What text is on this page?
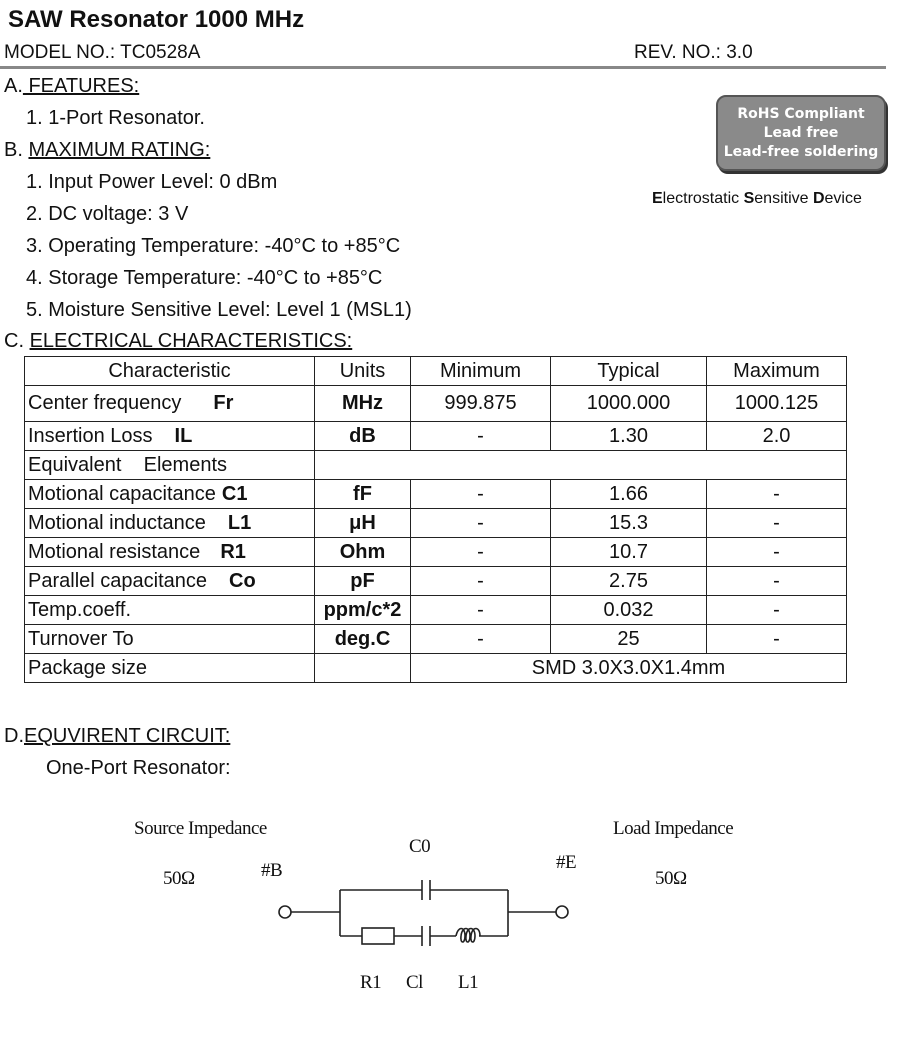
SAW Resonator 1000 MHz
MODEL NO.: TC0528A	REV. NO.: 3.0
A. FEATURES:
1. 1-Port Resonator.	RoHS Compliant
Lead free
Lead-free soldering
Electrostatic Sensitive Device
B. MAXIMUM RATING:
1. Input Power Level: 0 dBm
2. DC voltage: 3 V
3. Operating Temperature: -40°C to +85°C
4. Storage Temperature: -40°C to +85°C
5. Moisture Sensitive Level: Level 1 (MSL1)
C. ELECTRICAL CHARACTERISTICS:
Characteristic	Units	Minimum	Typical	Maximum
Center frequency Fr	MHz	999.875	1000.000	1000.125
Insertion Loss IL	dB	-	1.30	2.0
Equivalent    Elements				
Motional capacitance C1	fF	-	1.66	-
Motional inductance L1	μH	-	15.3	-
Motional resistance R1	Ohm	-	10.7	-
Parallel capacitance Co	pF	-	2.75	-
Temp.coeff.	ppm/c*2	-	0.032	-
Turnover To	deg.C	-	25	-
Package size		SMD 3.0X3.0X1.4mm		
D.EQUVIRENT CIRCUIT:
One-Port Resonator:
Source Impedance
50Ω
Load Impedance
50Ω
#B	#E
C0
R1 Cl L1
